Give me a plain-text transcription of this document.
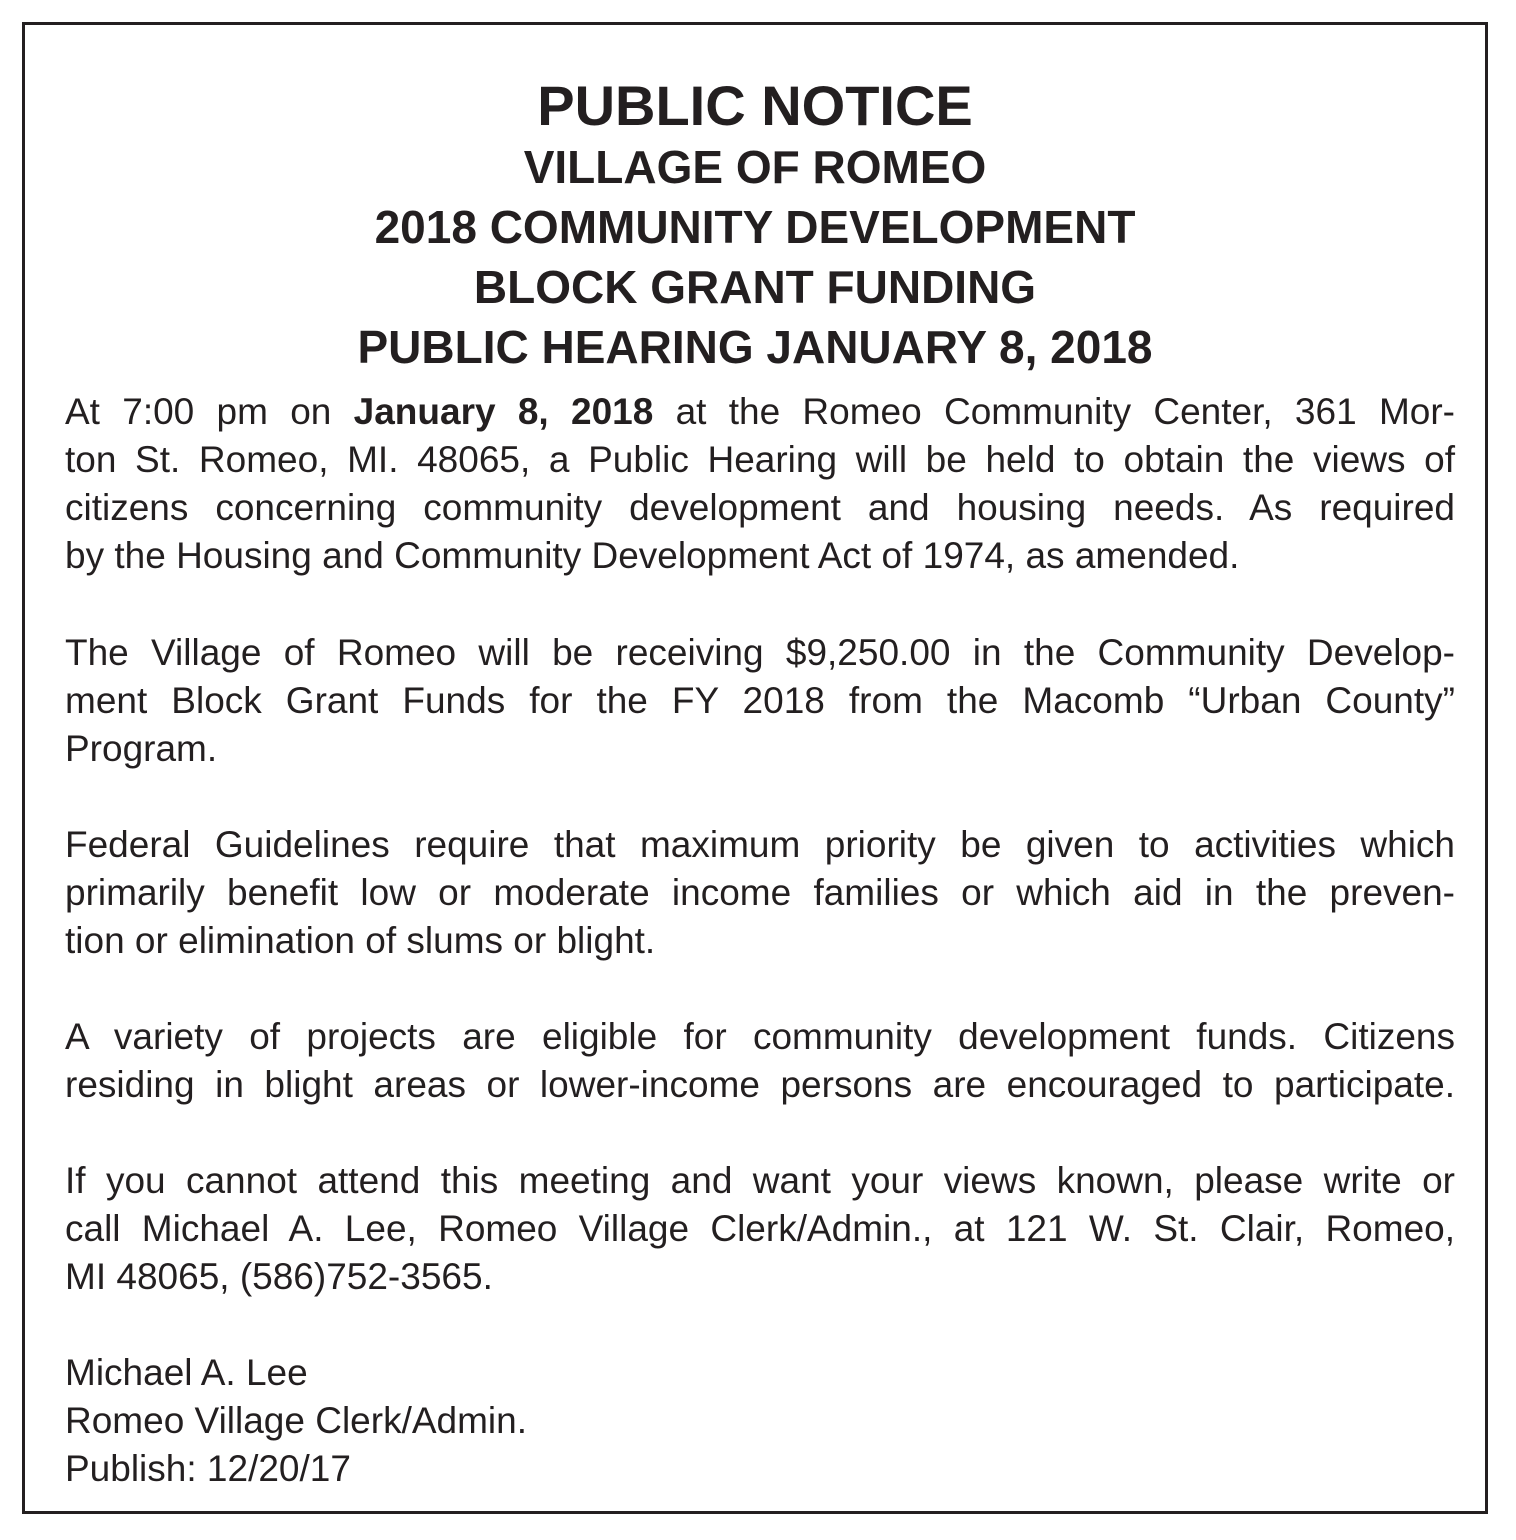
PUBLIC NOTICE
VILLAGE OF ROMEO
2018 COMMUNITY DEVELOPMENT
BLOCK GRANT FUNDING
PUBLIC HEARING JANUARY 8, 2018
At 7:00 pm on January 8, 2018 at the Romeo Community Center, 361 Mor-
ton St. Romeo, MI. 48065, a Public Hearing will be held to obtain the views of
citizens concerning community development and housing needs. As required
by the Housing and Community Development Act of 1974, as amended.
The Village of Romeo will be receiving $9,250.00 in the Community Develop-
ment Block Grant Funds for the FY 2018 from the Macomb “Urban County”
Program.
Federal Guidelines require that maximum priority be given to activities which
primarily benefit low or moderate income families or which aid in the preven-
tion or elimination of slums or blight.
A variety of projects are eligible for community development funds. Citizens
residing in blight areas or lower-income persons are encouraged to participate.
If you cannot attend this meeting and want your views known, please write or
call Michael A. Lee, Romeo Village Clerk/Admin., at 121 W. St. Clair, Romeo,
MI 48065, (586)752-3565.
Michael A. Lee
Romeo Village Clerk/Admin.
Publish: 12/20/17
